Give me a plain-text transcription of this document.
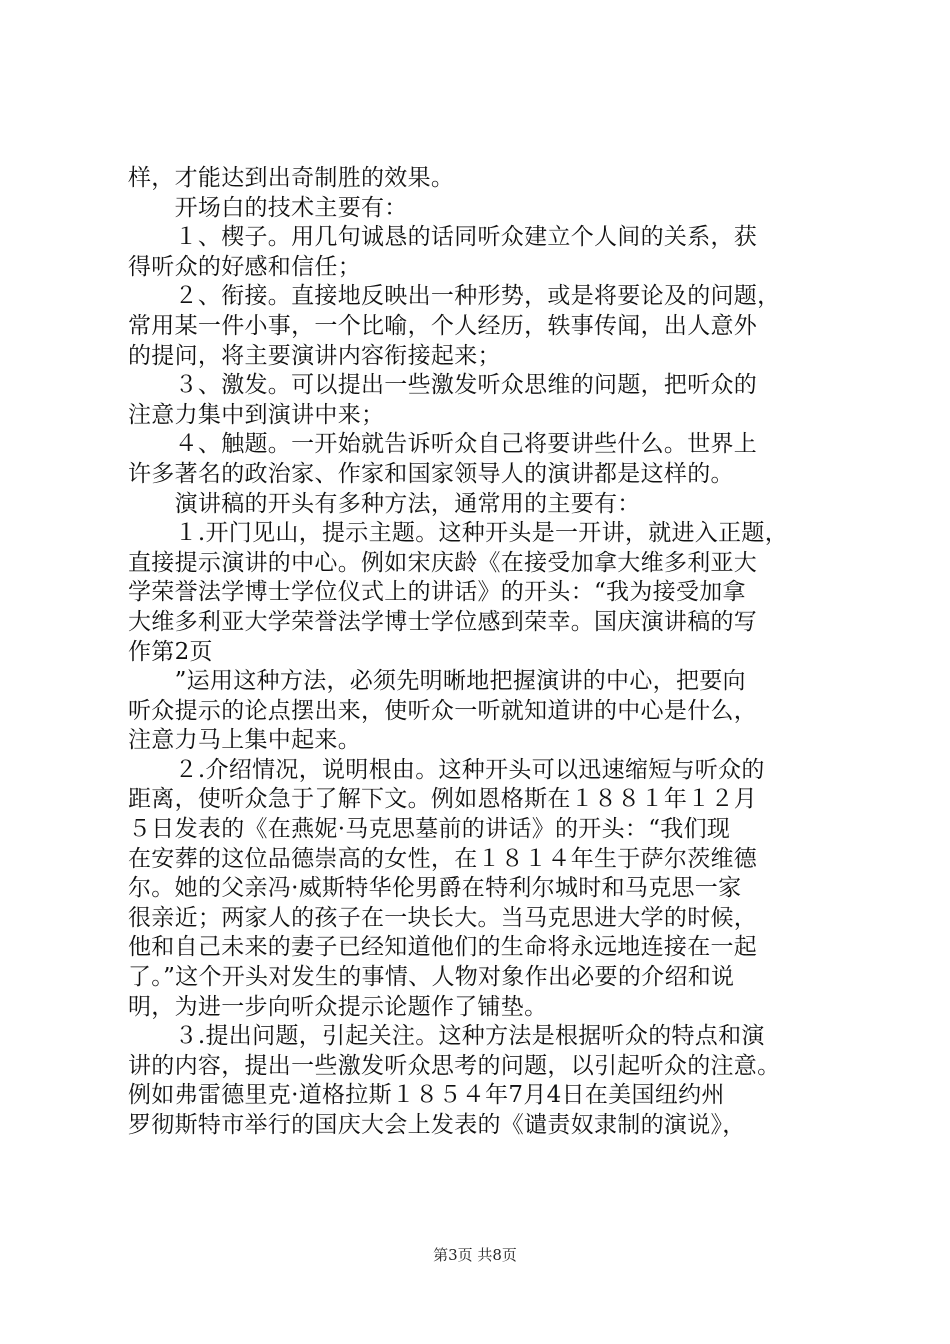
样，才能达到出奇制胜的效果。
　　开场白的技术主要有：
　　１、楔子。用几句诚恳的话同听众建立个人间的关系，获
得听众的好感和信任；
　　２、衔接。直接地反映出一种形势，或是将要论及的问题，
常用某一件小事，一个比喻，个人经历，轶事传闻，出人意外
的提问，将主要演讲内容衔接起来；
　　３、激发。可以提出一些激发听众思维的问题，把听众的
注意力集中到演讲中来；
　　４、触题。一开始就告诉听众自己将要讲些什么。世界上
许多著名的政治家、作家和国家领导人的演讲都是这样的。
　　演讲稿的开头有多种方法，通常用的主要有：
　　１.开门见山，提示主题。这种开头是一开讲，就进入正题，
直接提示演讲的中心。例如宋庆龄《在接受加拿大维多利亚大
学荣誉法学博士学位仪式上的讲话》的开头：“我为接受加拿
大维多利亚大学荣誉法学博士学位感到荣幸。国庆演讲稿的写
作第2页
　　”运用这种方法，必须先明晰地把握演讲的中心，把要向
听众提示的论点摆出来，使听众一听就知道讲的中心是什么，
注意力马上集中起来。
　　２.介绍情况，说明根由。这种开头可以迅速缩短与听众的
距离，使听众急于了解下文。例如恩格斯在１８８１年１２月
５日发表的《在燕妮·马克思墓前的讲话》的开头：“我们现
在安葬的这位品德崇高的女性，在１８１４年生于萨尔茨维德
尔。她的父亲冯·威斯特华伦男爵在特利尔城时和马克思一家
很亲近；两家人的孩子在一块长大。当马克思进大学的时候，
他和自己未来的妻子已经知道他们的生命将永远地连接在一起
了。”这个开头对发生的事情、人物对象作出必要的介绍和说
明，为进一步向听众提示论题作了铺垫。
　　３.提出问题，引起关注。这种方法是根据听众的特点和演
讲的内容，提出一些激发听众思考的问题，以引起听众的注意。
例如弗雷德里克·道格拉斯１８５４年7月4日在美国纽约州
罗彻斯特市举行的国庆大会上发表的《谴责奴隶制的演说》，
第3页 共8页
